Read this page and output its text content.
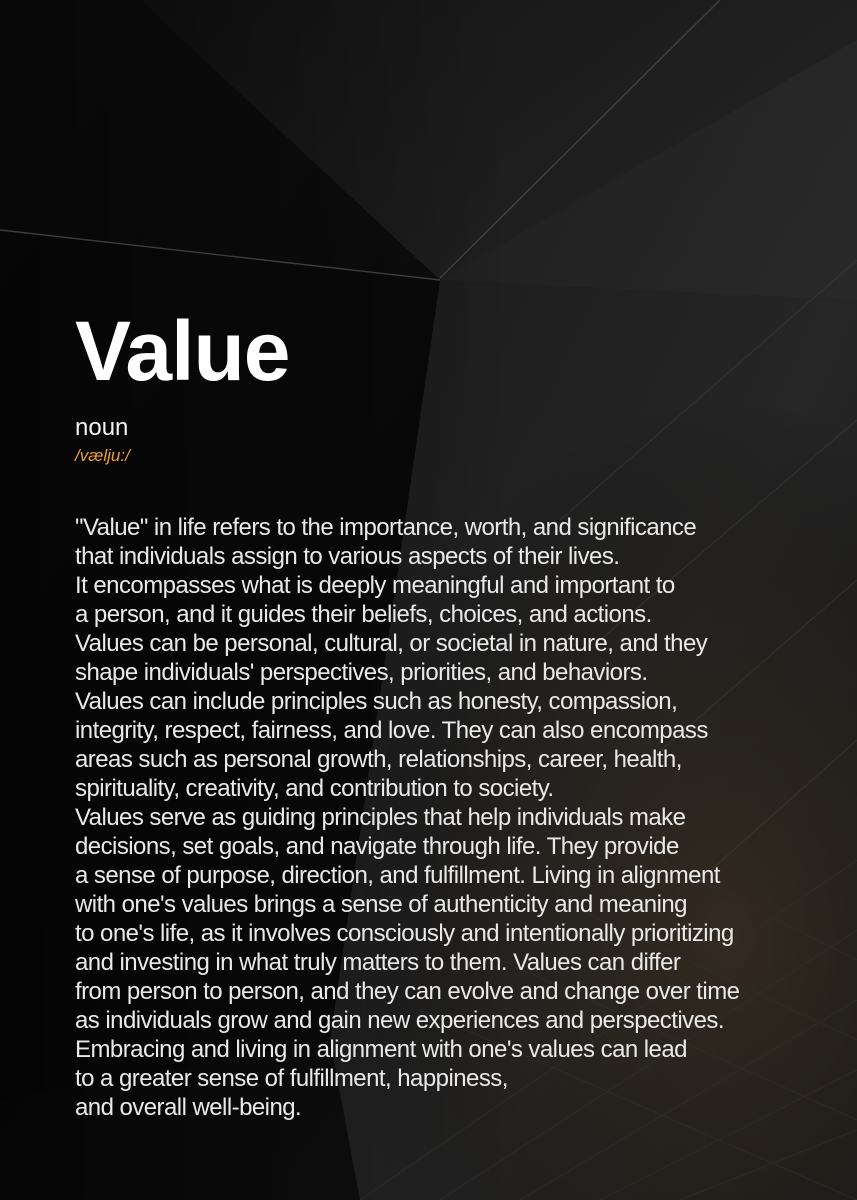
Value
noun
/vælju:/
"Value" in life refers to the importance, worth, and significance
that individuals assign to various aspects of their lives.
It encompasses what is deeply meaningful and important to
a person, and it guides their beliefs, choices, and actions.
Values can be personal, cultural, or societal in nature, and they
shape individuals' perspectives, priorities, and behaviors.
Values can include principles such as honesty, compassion,
integrity, respect, fairness, and love. They can also encompass
areas such as personal growth, relationships, career, health,
spirituality, creativity, and contribution to society.
Values serve as guiding principles that help individuals make
decisions, set goals, and navigate through life. They provide
a sense of purpose, direction, and fulfillment. Living in alignment
with one's values brings a sense of authenticity and meaning
to one's life, as it involves consciously and intentionally prioritizing
and investing in what truly matters to them. Values can differ
from person to person, and they can evolve and change over time
as individuals grow and gain new experiences and perspectives.
Embracing and living in alignment with one's values can lead
to a greater sense of fulfillment, happiness,
and overall well-being.
